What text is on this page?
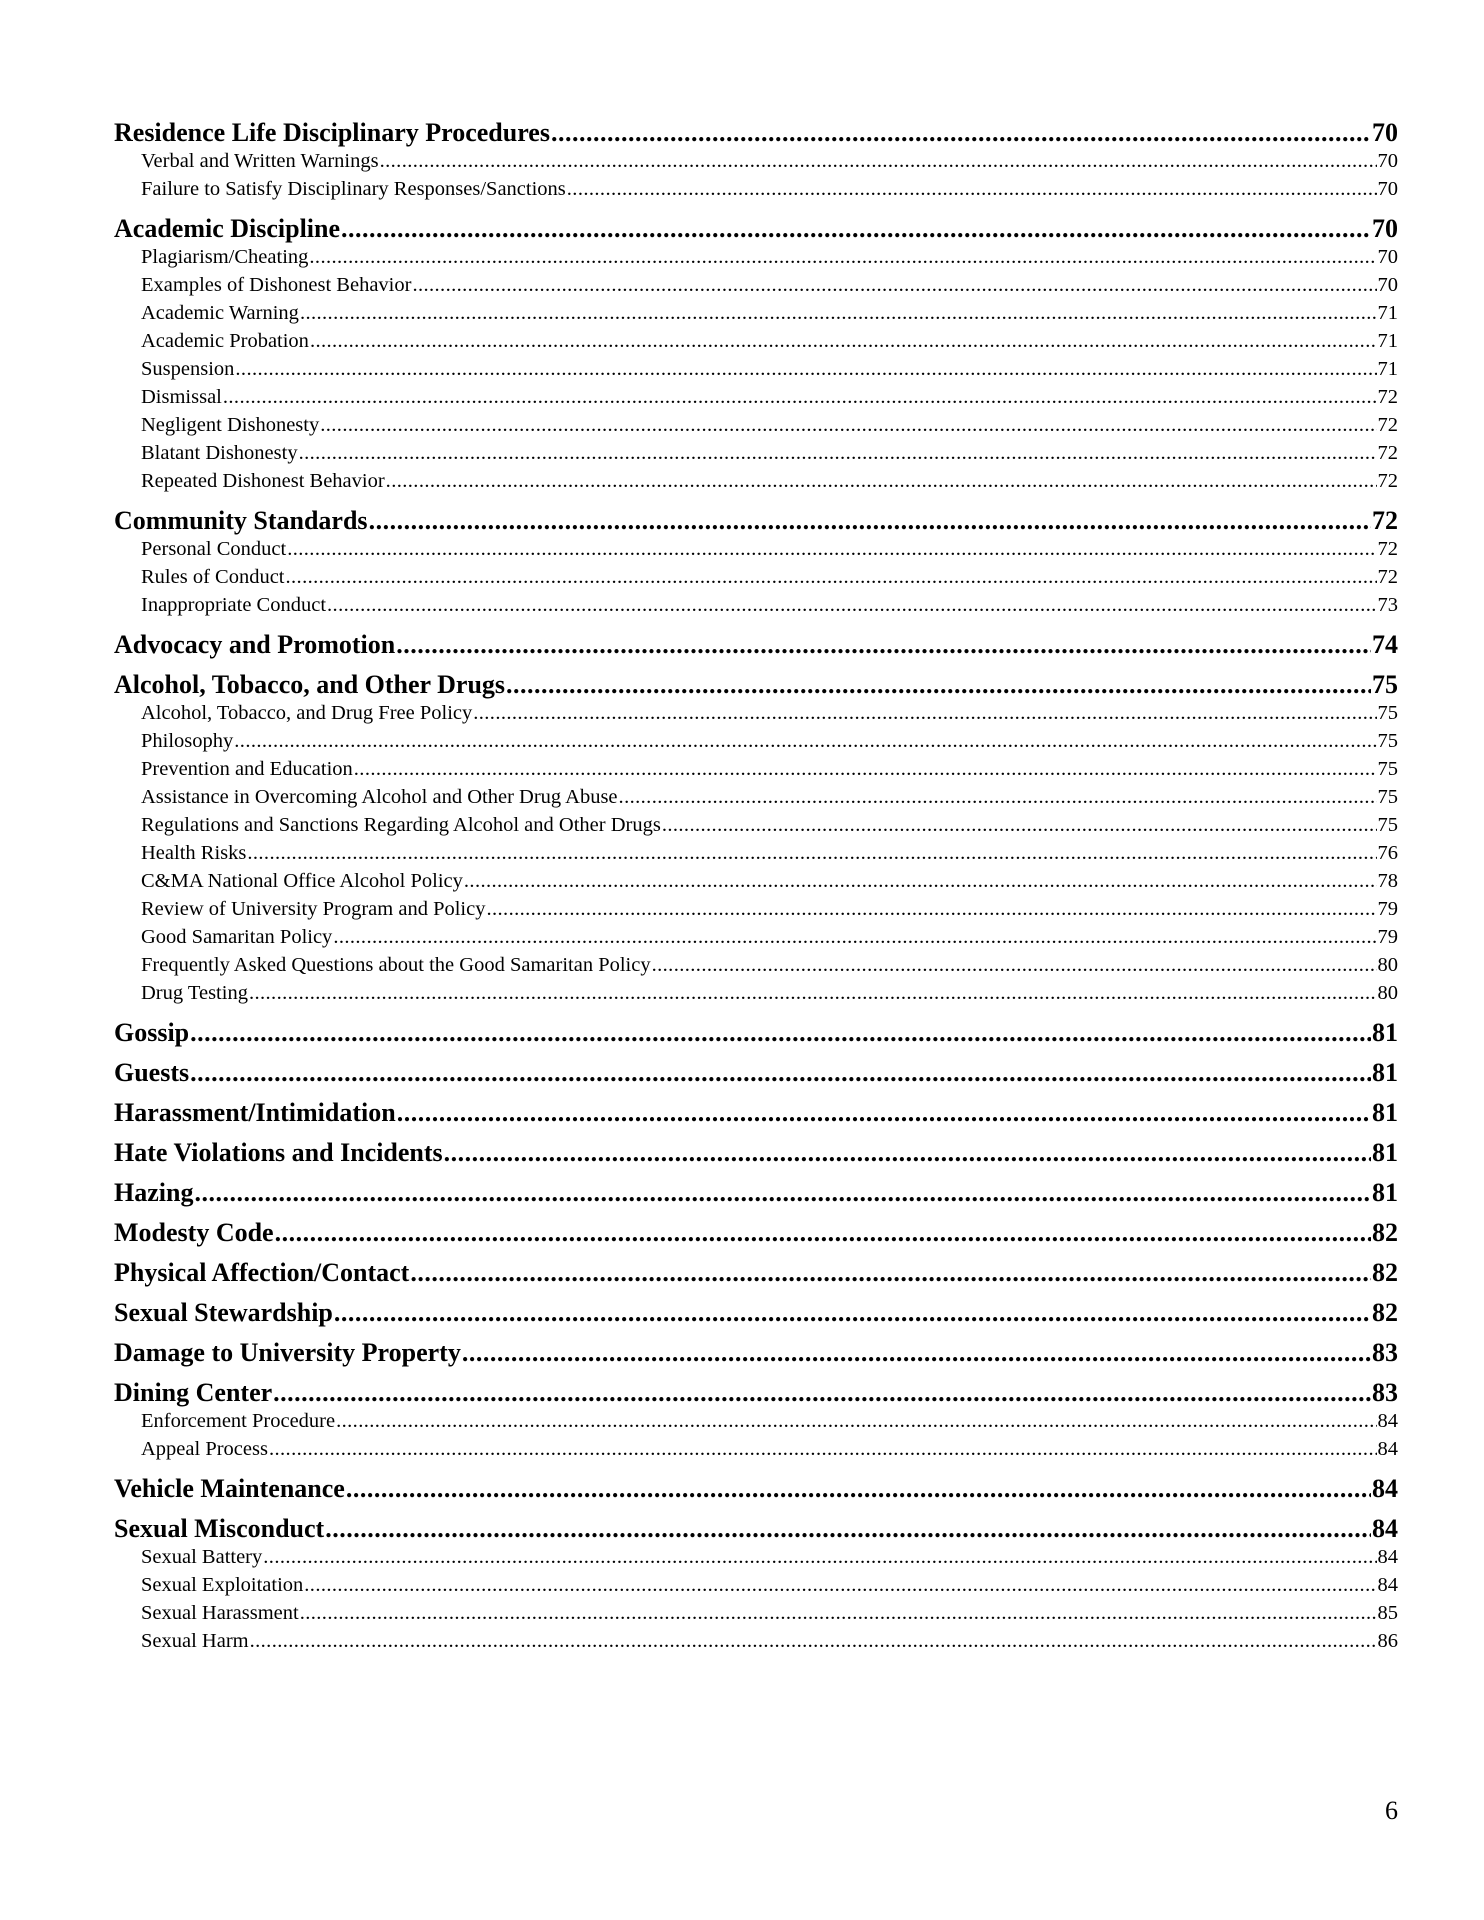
Residence Life Disciplinary Procedures .....	70
Verbal and Written Warnings .....	70
Failure to Satisfy Disciplinary Responses/Sanctions .....	70
Academic Discipline .....	70
Plagiarism/Cheating .....	70
Examples of Dishonest Behavior .....	70
Academic Warning .....	71
Academic Probation .....	71
Suspension .....	71
Dismissal .....	72
Negligent Dishonesty .....	72
Blatant Dishonesty .....	72
Repeated Dishonest Behavior .....	72
Community Standards .....	72
Personal Conduct .....	72
Rules of Conduct .....	72
Inappropriate Conduct .....	73
Advocacy and Promotion .....	74
Alcohol, Tobacco, and Other Drugs .....	75
Alcohol, Tobacco, and Drug Free Policy .....	75
Philosophy .....	75
Prevention and Education .....	75
Assistance in Overcoming Alcohol and Other Drug Abuse .....	75
Regulations and Sanctions Regarding Alcohol and Other Drugs .....	75
Health Risks .....	76
C&MA National Office Alcohol Policy .....	78
Review of University Program and Policy .....	79
Good Samaritan Policy .....	79
Frequently Asked Questions about the Good Samaritan Policy .....	80
Drug Testing .....	80
Gossip .....	81
Guests .....	81
Harassment/Intimidation .....	81
Hate Violations and Incidents .....	81
Hazing .....	81
Modesty Code .....	82
Physical Affection/Contact .....	82
Sexual Stewardship .....	82
Damage to University Property .....	83
Dining Center .....	83
Enforcement Procedure .....	84
Appeal Process .....	84
Vehicle Maintenance .....	84
Sexual Misconduct .....	84
Sexual Battery .....	84
Sexual Exploitation .....	84
Sexual Harassment .....	85
Sexual Harm .....	86
6
